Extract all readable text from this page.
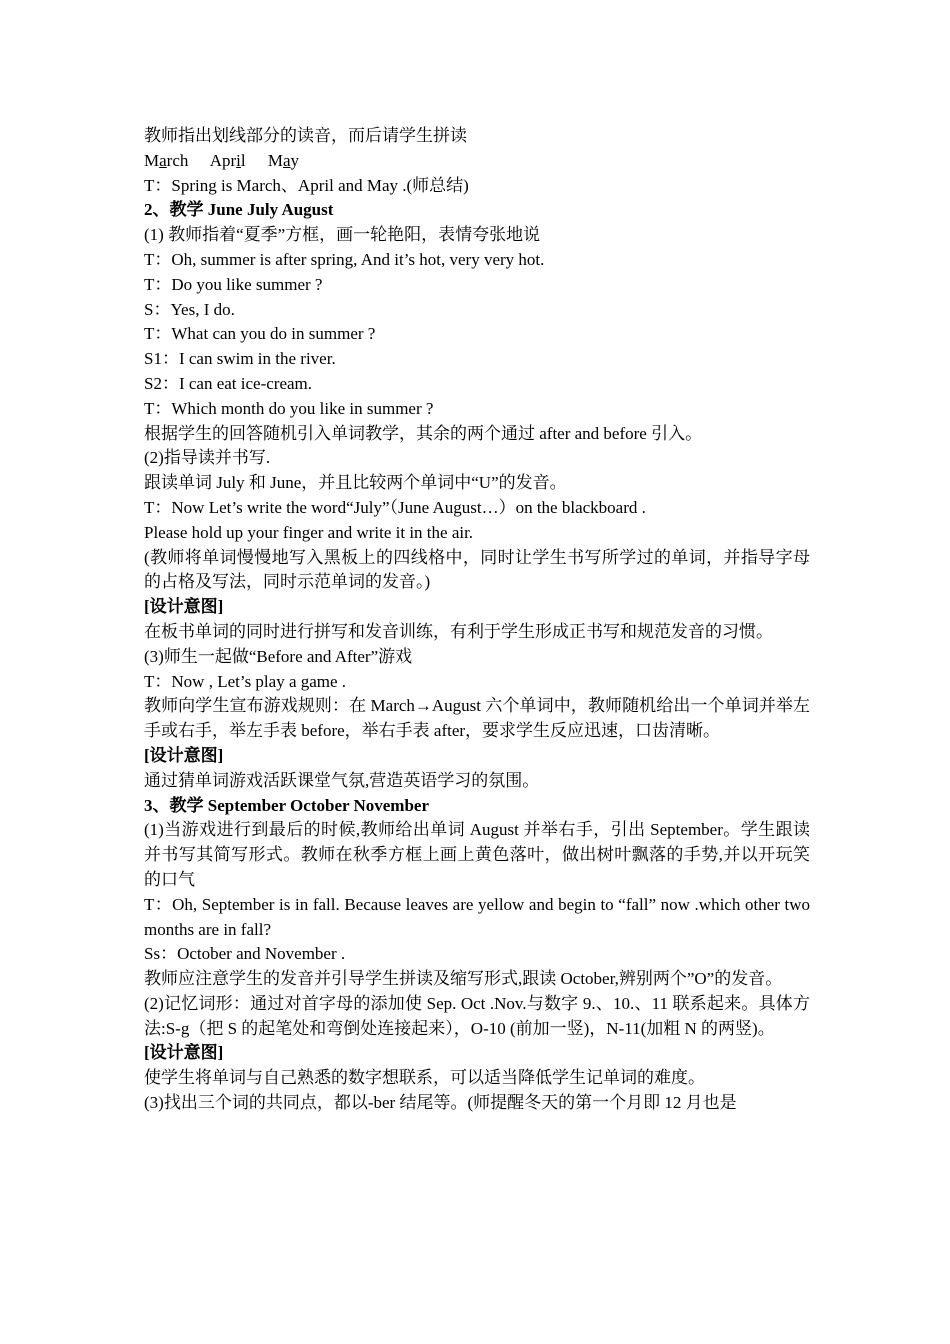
教师指出划线部分的读音，而后请学生拼读
March April May
T：Spring is March、April and May .(师总结)
2、教学 June July August
(1) 教师指着“夏季”方框，画一轮艳阳，表情夸张地说
T：Oh, summer is after spring, And it’s hot, very very hot.
T：Do you like summer ?
S：Yes, I do.
T：What can you do in summer ?
S1：I can swim in the river.
S2：I can eat ice-cream.
T：Which month do you like in summer ?
根据学生的回答随机引入单词教学，其余的两个通过 after and before 引入。
(2)指导读并书写.
跟读单词 July 和 June，并且比较两个单词中“U”的发音。
T：Now Let’s write the word“July”（June August…）on the blackboard .
Please hold up your finger and write it in the air.
(教师将单词慢慢地写入黑板上的四线格中，同时让学生书写所学过的单词，并指导字母的占格及写法，同时示范单词的发音。)
[设计意图]
在板书单词的同时进行拼写和发音训练，有利于学生形成正书写和规范发音的习惯。
(3)师生一起做“Before and After”游戏
T：Now , Let’s play a game .
教师向学生宣布游戏规则：在 March→August 六个单词中，教师随机给出一个单词并举左手或右手，举左手表 before，举右手表 after，要求学生反应迅速，口齿清晰。
[设计意图]
通过猜单词游戏活跃课堂气氛,营造英语学习的氛围。
3、教学 September October November
(1)当游戏进行到最后的时候,教师给出单词 August 并举右手，引出 September。学生跟读并书写其简写形式。教师在秋季方框上画上黄色落叶，做出树叶飘落的手势,并以开玩笑的口气
T：Oh, September is in fall. Because leaves are yellow and begin to “fall” now .which other two months are in fall?
Ss：October and November .
教师应注意学生的发音并引导学生拼读及缩写形式,跟读 October,辨别两个”O”的发音。
(2)记忆词形：通过对首字母的添加使 Sep. Oct .Nov.与数字 9.、10.、11 联系起来。具体方法:S-g（把 S 的起笔处和弯倒处连接起来），O-10 (前加一竖)，N-11(加粗 N 的两竖)。
[设计意图]
使学生将单词与自己熟悉的数字想联系，可以适当降低学生记单词的难度。
(3)找出三个词的共同点，都以-ber 结尾等。(师提醒冬天的第一个月即 12 月也是
